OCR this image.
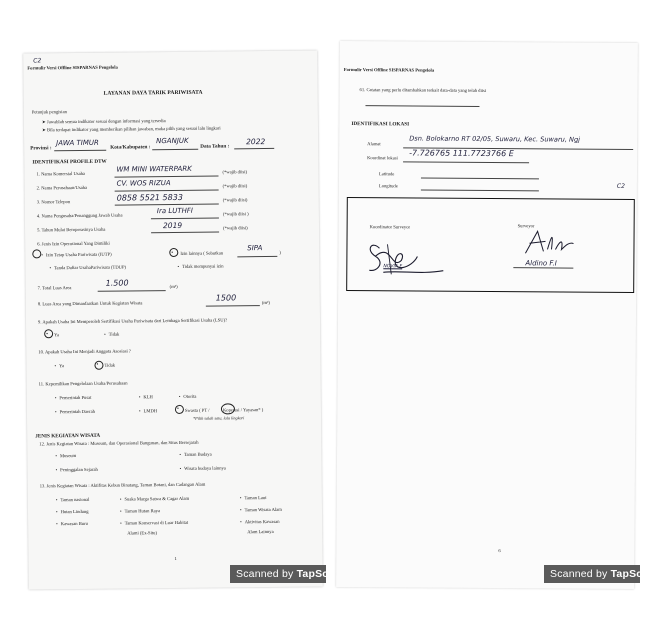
C2
Formulir Versi Offline SISPARNAS Pengelola
LAYANAN DAYA TARIK PARIWISATA
Petunjuk pengisian
➤ Jawablah semua indikator sesuai dengan informasi yang tersedia
➤ Bila terdapat indikator yang memberikan pilihan jawaban, maka pilih yang sesuai lalu lingkari
Provinsi :
JAWA TIMUR
Kota/Kabupaten :
NGANJUK
Data Tahun :
2022
IDENTIFIKASI PROFILE DTW
1. Nama Komersial Usaha
WM MINI WATERPARK	(*wajib diisi)
2. Nama Perusahaan/Usaha
CV. WOS RIZUA	(*wajib diisi)
3. Nomor Telepon	0858 5521 5833	(*wajib diisi)
4. Nama Pengusaha/Penanggung Jawab Usaha
Ira LUTHFI	(*wajib diisi )
5. Tahun Mulai Beroperasinya Usaha	2019	(*wajib diisi)
6. Jenis Izin Operasional Yang Dimiliki
• Izin Tetap Usaha Pariwisata (IUTP)	• Izin lainnya ( Sebutkan
SIPA
)
• Tanda Daftar UsahaPariwisata (TDUP)	• Tidak mempunyai izin
7. Total Luas Area
1.500	(m²)
8. Luas Area yang Dimanfaatkan Untuk Kegiatan Wisata
1500	(m²)
9. Apakah Usaha Ini Memperoleh Sertifikasi Usaha Pariwisata dari Lembaga Sertifikasi Usaha (LSU)?
• Ya	• Tidak
10. Apakah Usaha Ini Menjadi Anggota Asosiasi ?
• Ya	• Tidak
11. Kepemilikan Pengelolaan Usaha/Perusahaan
• Pemerintah Pusat	• KLH	• Otorita
• Pemerintah Daerah	• LMDH	• Swasta ( PT /	Koperasi / Yayasan* )
*Pilih salah satu, lalu lingkari
JENIS KEGIATAN WISATA
12. Jenis Kegiatan Wisata : Museum, dan Operasional Bangunan, dan Situs Bersejarah
• Museum	• Taman Budaya
• Peninggalan Sejarah	• Wisata budaya lainnya
13. Jenis Kegiatan Wisata : Aktifitas Kebun Binatang, Taman Botani, dan Cadangan Alam
• Taman nasional	• Suaka Marga Satwa & Cagar Alam	• Taman Laut
• Hutan Lindung	• Taman Hutan Raya	• Taman Wisata Alam
• Kawasan Buru	• Taman Konservasi di Luar Habitat
Alami (Ex-Situ)
• Aktivitas Kawasan
Alam Lainnya
1
Formulir Versi Offline SISPARNAS Pengelola
61. Catatan yang perlu ditambahkan terkait data-data yang telah diisi
IDENTIFIKASI LOKASI
Alamat
Dsn. Bolokarno RT 02/05, Suwaru, Kec. Suwaru, Ngj
Koordinat lokasi -7.726765 111.7723766 E
Latitude
Longitude	C2
Koordinator Surveyor	Surveyor
NOVIA F	Aldino F.I
6
Scanned by TapSca	Scanned by TapSca
